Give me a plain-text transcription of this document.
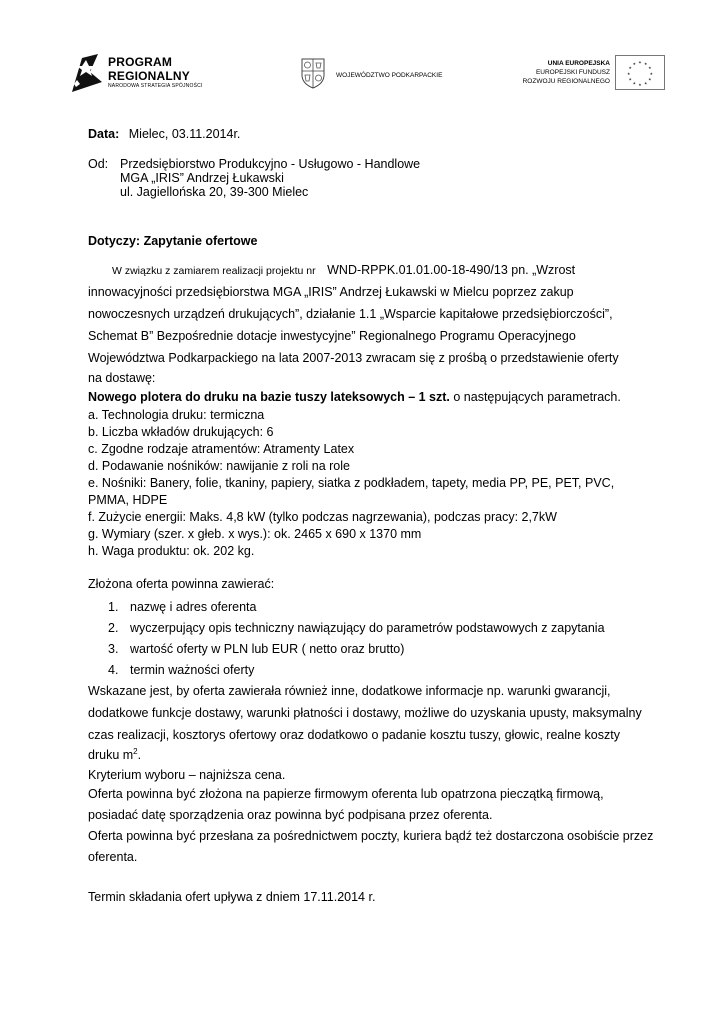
PROGRAM
REGIONALNY
NARODOWA STRATEGIA SPÓJNOŚCI
WOJEWÓDZTWO PODKARPACKIE
UNIA EUROPEJSKA
EUROPEJSKI FUNDUSZ
ROZWOJU REGIONALNEGO
★ ★
★
★
★
★
★
★
★
★
★
★
Data: Mielec, 03.11.2014r.
Od: Przedsiębiorstwo Produkcyjno - Usługowo - Handlowe
MGA „IRIS” Andrzej Łukawski
ul. Jagiellońska 20, 39-300 Mielec
Dotyczy: Zapytanie ofertowe
W związku z zamiarem realizacji projektu nr WND-RPPK.01.01.00-18-490/13 pn. „Wzrost
innowacyjności przedsiębiorstwa MGA „IRIS” Andrzej Łukawski w Mielcu poprzez zakup
nowoczesnych urządzeń drukujących”, działanie 1.1 „Wsparcie kapitałowe przedsiębiorczości”,
Schemat B” Bezpośrednie dotacje inwestycyjne” Regionalnego Programu Operacyjnego
Województwa Podkarpackiego na lata 2007-2013 zwracam się z prośbą o przedstawienie oferty
na dostawę:
Nowego plotera do druku na bazie tuszy lateksowych – 1 szt. o następujących parametrach.
a. Technologia druku: termiczna
b. Liczba wkładów drukujących: 6
c. Zgodne rodzaje atramentów: Atramenty Latex
d. Podawanie nośników: nawijanie z roli na role
e. Nośniki: Banery, folie, tkaniny, papiery, siatka z podkładem, tapety, media PP, PE, PET, PVC,
PMMA, HDPE
f. Zużycie energii: Maks. 4,8 kW (tylko podczas nagrzewania), podczas pracy: 2,7kW
g. Wymiary (szer. x głeb. x wys.): ok. 2465 x 690 x 1370 mm
h. Waga produktu: ok. 202 kg.
Złożona oferta powinna zawierać:
1. nazwę i adres oferenta
2. wyczerpujący opis techniczny nawiązujący do parametrów podstawowych z zapytania
3. wartość oferty w PLN lub EUR ( netto oraz brutto)
4. termin ważności oferty
Wskazane jest, by oferta zawierała również inne, dodatkowe informacje np. warunki gwarancji,
dodatkowe funkcje dostawy, warunki płatności i dostawy, możliwe do uzyskania upusty, maksymalny
czas realizacji, kosztorys ofertowy oraz dodatkowo o padanie kosztu tuszy, głowic, realne koszty
druku $m^2$.
Kryterium wyboru – najniższa cena.
Oferta powinna być złożona na papierze firmowym oferenta lub opatrzona pieczątką firmową,
posiadać datę sporządzenia oraz powinna być podpisana przez oferenta.
Oferta powinna być przesłana za pośrednictwem poczty, kuriera bądź też dostarczona osobiście przez
oferenta.
Termin składania ofert upływa z dniem 17.11.2014 r.
